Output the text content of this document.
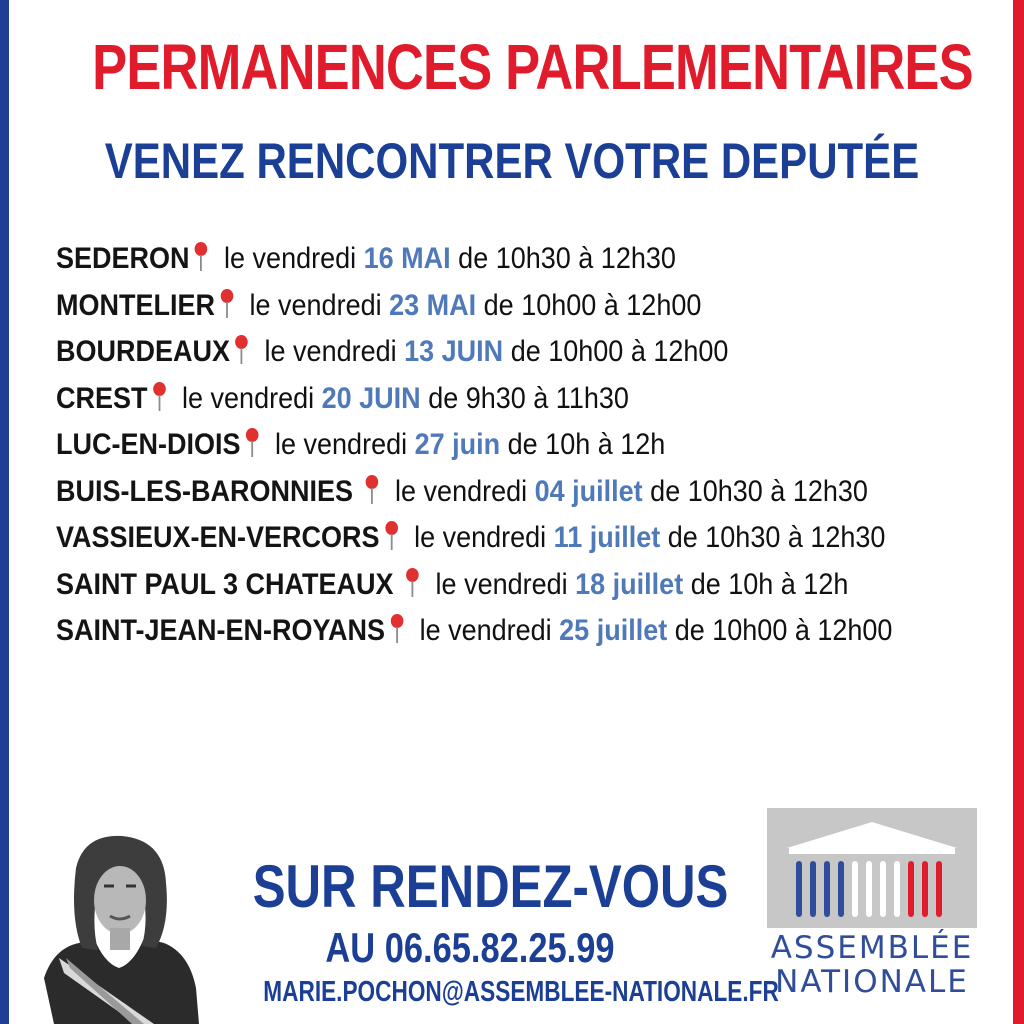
PERMANENCES PARLEMENTAIRES
VENEZ RENCONTRER VOTRE DEPUTÉE
SEDERON le vendredi 16 MAI de 10h30 à 12h30
MONTELIER le vendredi 23 MAI de 10h00 à 12h00
BOURDEAUX le vendredi 13 JUIN de 10h00 à 12h00
CREST le vendredi 20 JUIN de 9h30 à 11h30
LUC-EN-DIOIS le vendredi 27 juin de 10h à 12h
BUIS-LES-BARONNIES le vendredi 04 juillet de 10h30 à 12h30
VASSIEUX-EN-VERCORS le vendredi 11 juillet de 10h30 à 12h30
SAINT PAUL 3 CHATEAUX le vendredi 18 juillet de 10h à 12h
SAINT-JEAN-EN-ROYANS le vendredi 25 juillet de 10h00 à 12h00
SUR RENDEZ-VOUS
AU 06.65.82.25.99
MARIE.POCHON@ASSEMBLEE-NATIONALE.FR
ASSEMBLÉE
NATIONALE
